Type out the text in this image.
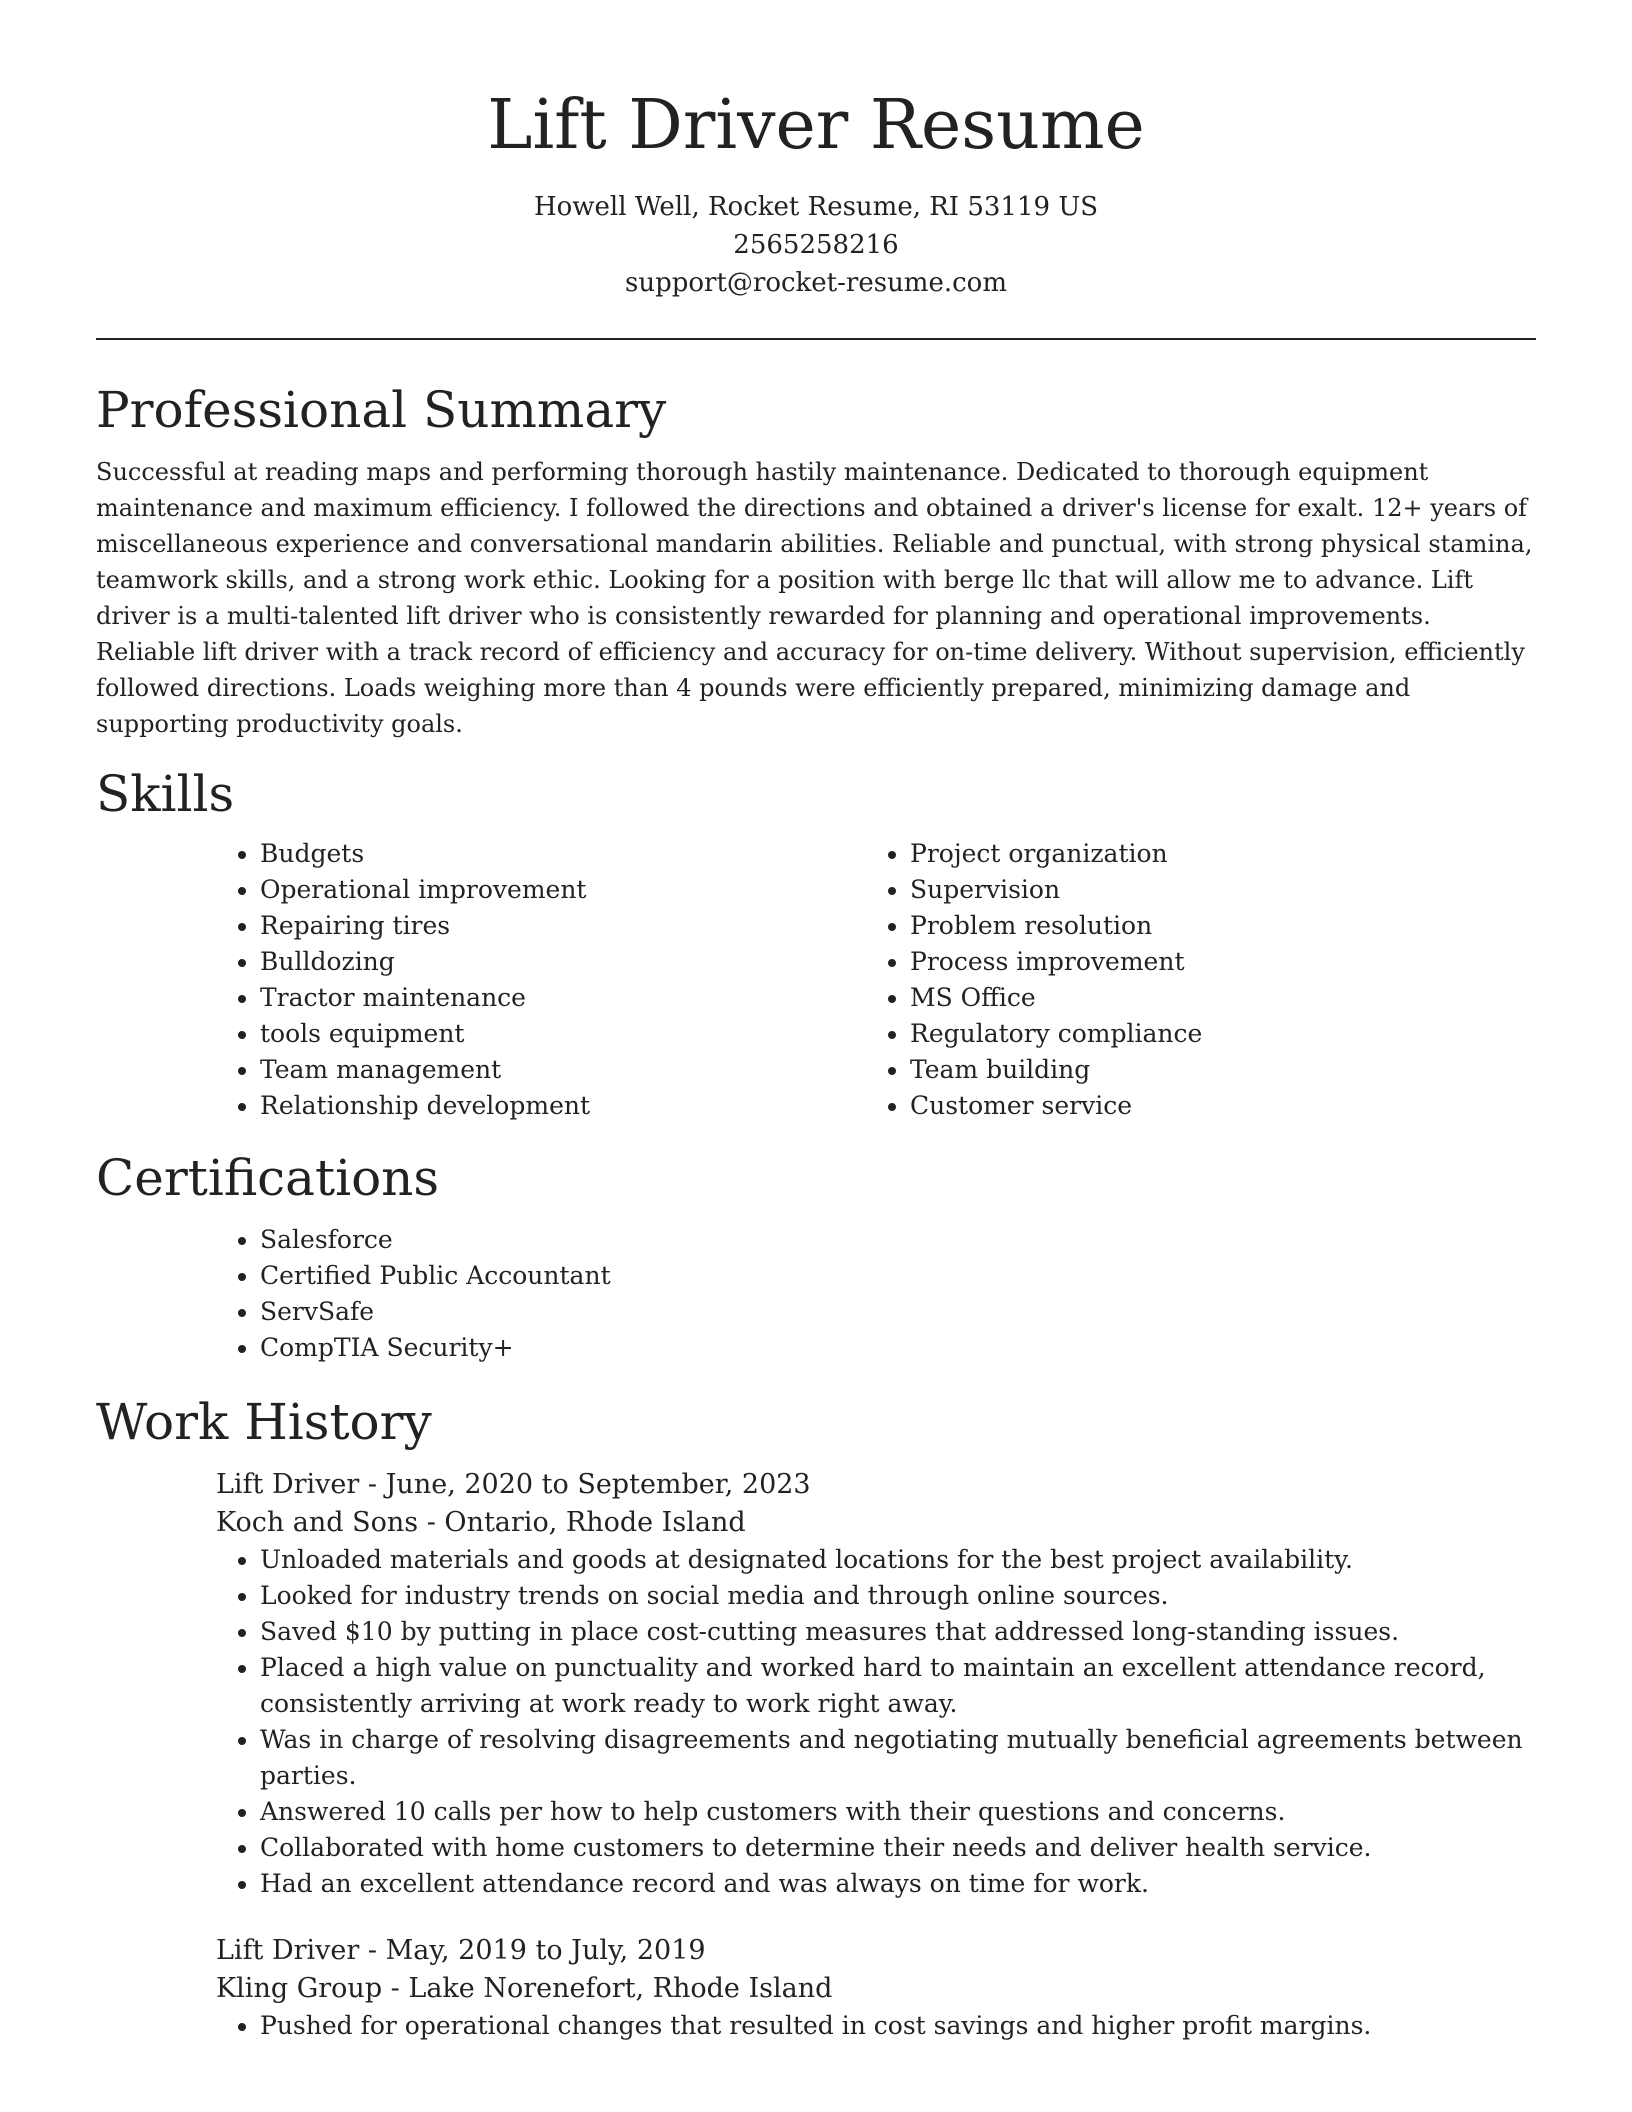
Lift Driver Resume
Howell Well, Rocket Resume, RI 53119 US
2565258216
support@rocket-resume.com
Professional Summary

Successful at reading maps and performing thorough hastily maintenance. Dedicated to thorough equipment maintenance and maximum efficiency. I followed the directions and obtained a driver's license for exalt. 12+ years of miscellaneous experience and conversational mandarin abilities. Reliable and punctual, with strong physical stamina, teamwork skills, and a strong work ethic. Looking for a position with berge llc that will allow me to advance. Lift driver is a multi-talented lift driver who is consistently rewarded for planning and operational improvements. Reliable lift driver with a track record of efficiency and accuracy for on-time delivery. Without supervision, efficiently followed directions. Loads weighing more than 4 pounds were efficiently prepared, minimizing damage and supporting productivity goals.

Skills
• Budgets
• Operational improvement
• Repairing tires
• Bulldozing
• Tractor maintenance
• tools equipment
• Team management
• Relationship development
• Project organization
• Supervision
• Problem resolution
• Process improvement
• MS Office
• Regulatory compliance
• Team building
• Customer service
Certifications
• Salesforce
• Certified Public Accountant
• ServSafe
• CompTIA Security+
Work History
Lift Driver - June, 2020 to September, 2023
Koch and Sons - Ontario, Rhode Island
• Unloaded materials and goods at designated locations for the best project availability.
• Looked for industry trends on social media and through online sources.
• Saved $10 by putting in place cost-cutting measures that addressed long-standing issues.
• Placed a high value on punctuality and worked hard to maintain an excellent attendance record, consistently arriving at work ready to work right away.
• Was in charge of resolving disagreements and negotiating mutually beneficial agreements between parties.
• Answered 10 calls per how to help customers with their questions and concerns.
• Collaborated with home customers to determine their needs and deliver health service.
• Had an excellent attendance record and was always on time for work.
Lift Driver - May, 2019 to July, 2019
Kling Group - Lake Norenefort, Rhode Island
• Pushed for operational changes that resulted in cost savings and higher profit margins.
